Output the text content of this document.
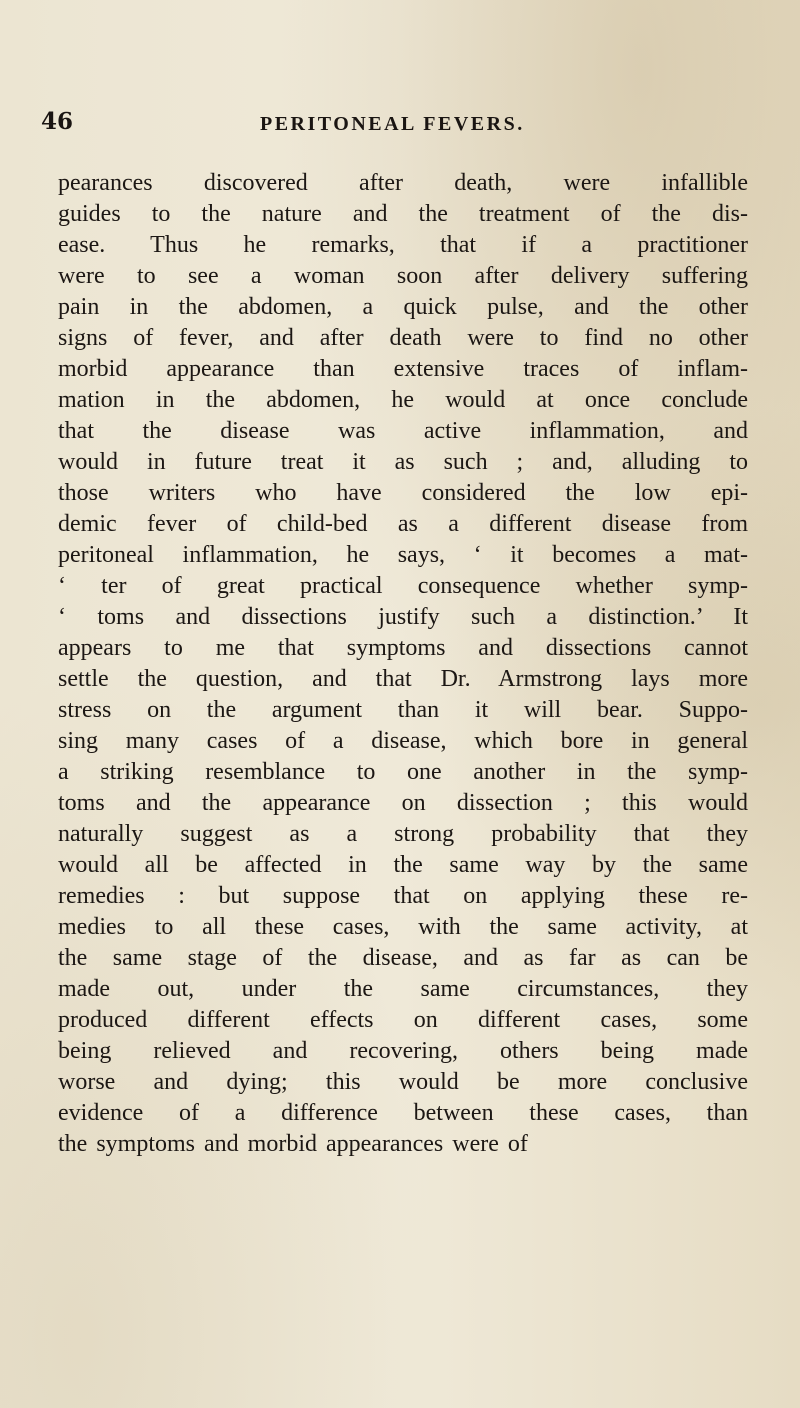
46	PERITONEAL FEVERS.
pearances discovered after death, were infallible
guides to the nature and the treatment of the dis-
ease. Thus he remarks, that if a practitioner
were to see a woman soon after delivery suffering
pain in the abdomen, a quick pulse, and the other
signs of fever, and after death were to find no other
morbid appearance than extensive traces of inflam-
mation in the abdomen, he would at once conclude
that the disease was active inflammation, and
would in future treat it as such ; and, alluding to
those writers who have considered the low epi-
demic fever of child-bed as a different disease from
peritoneal inflammation, he says, ‘ it becomes a mat-
‘ ter of great practical consequence whether symp-
‘ toms and dissections justify such a distinction.’ It
appears to me that symptoms and dissections cannot
settle the question, and that Dr. Armstrong lays more
stress on the argument than it will bear. Suppo-
sing many cases of a disease, which bore in general
a striking resemblance to one another in the symp-
toms and the appearance on dissection ; this would
naturally suggest as a strong probability that they
would all be affected in the same way by the same
remedies : but suppose that on applying these re-
medies to all these cases, with the same activity, at
the same stage of the disease, and as far as can be
made out, under the same circumstances, they
produced different effects on different cases, some
being relieved and recovering, others being made
worse and dying; this would be more conclusive
evidence of a difference between these cases, than
the symptoms and morbid appearances were of
